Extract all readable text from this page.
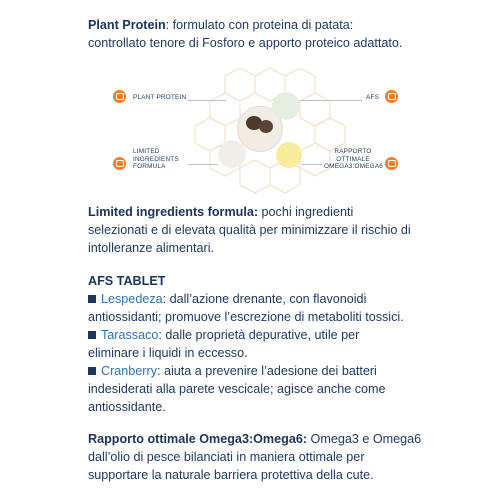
Plant Protein: formulato con proteina di patata:
controllato tenore di Fosforo e apporto proteico adattato.

PLANT PROTEIN
LIMITED INGREDIENTS FORMULA
AFS
RAPPORTO OTTIMALE OMEGA3:OMEGA6

Limited ingredients formula: pochi ingredienti
selezionati e di elevata qualità per minimizzare il rischio di
intolleranze alimentari.

AFS TABLET
Lespedeza: dall’azione drenante, con flavonoidi
antiossidanti; promuove l’escrezione di metaboliti tossici.
Tarassaco: dalle proprietà depurative, utile per
eliminare i liquidi in eccesso.
Cranberry: aiuta a prevenire l’adesione dei batteri
indesiderati alla parete vescicale; agisce anche come
antiossidante.

Rapporto ottimale Omega3:Omega6: Omega3 e Omega6
dall’olio di pesce bilanciati in maniera ottimale per
supportare la naturale barriera protettiva della cute.
